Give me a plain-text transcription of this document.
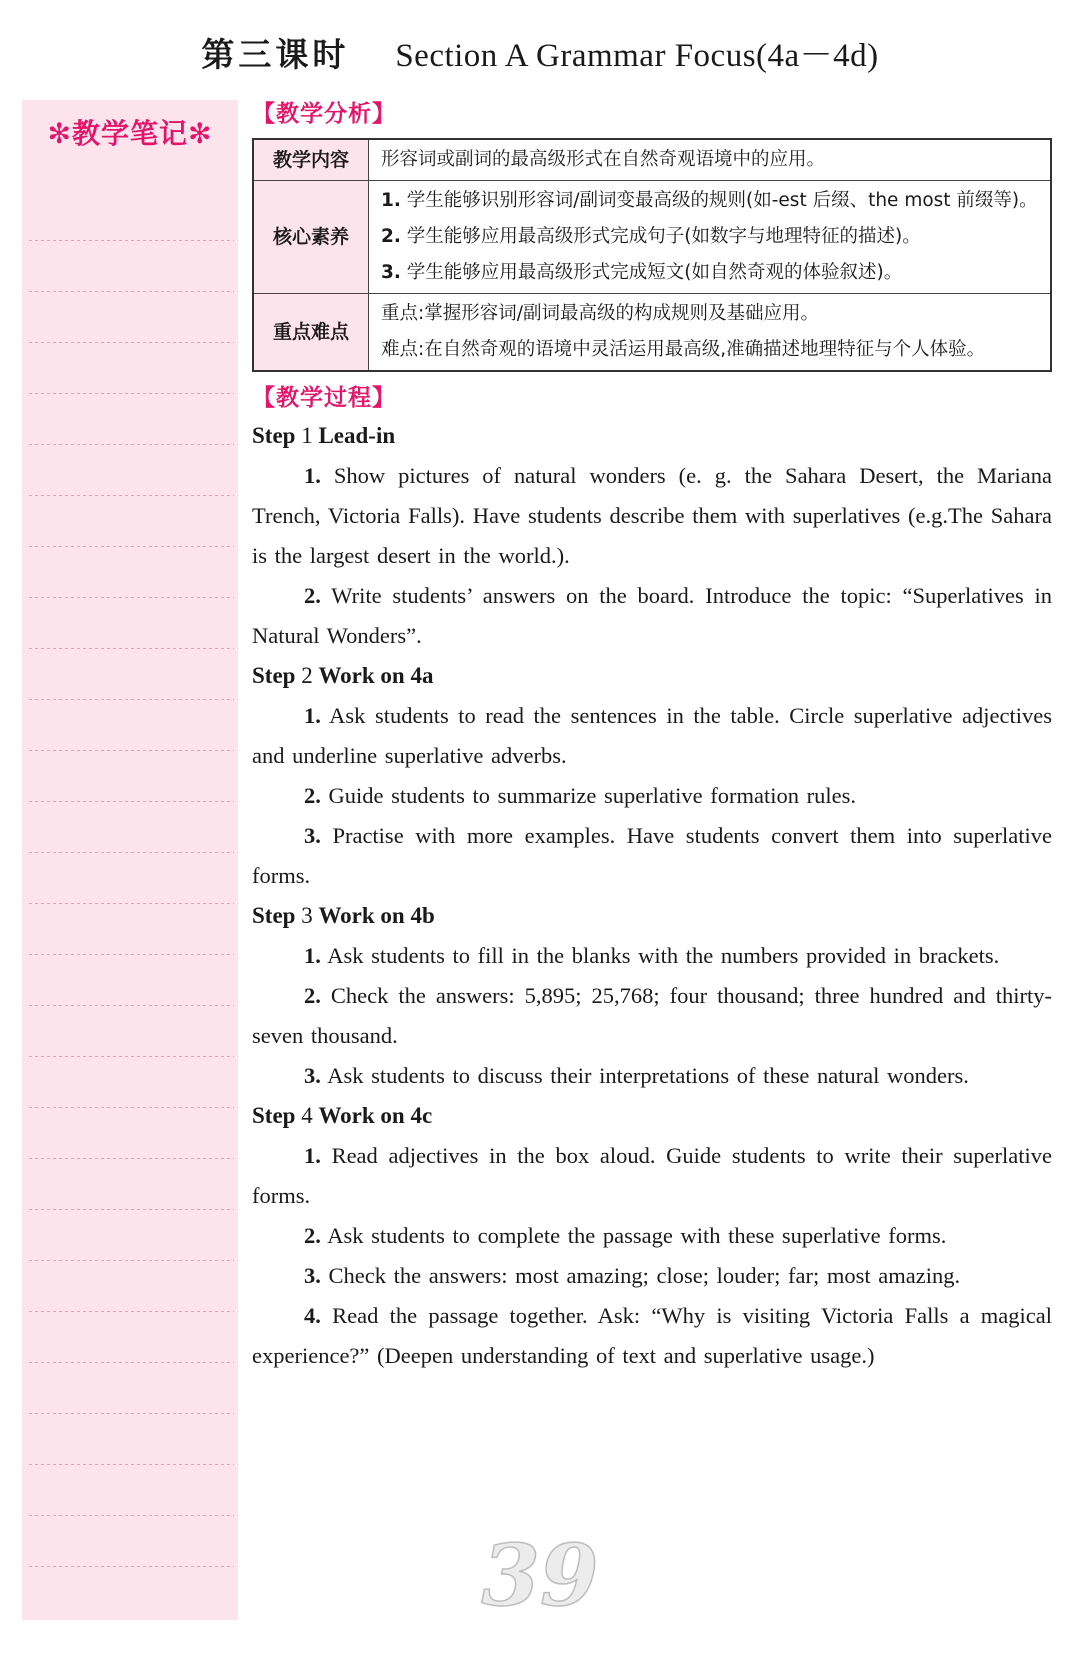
第三课时 Section A Grammar Focus(4a－4d)
✻教学笔记✻
【教学分析】
教学内容	形容词或副词的最高级形式在自然奇观语境中的应用。
核心素养	1. 学生能够识别形容词/副词变最高级的规则(如-est 后缀、the most 前缀等)。
2. 学生能够应用最高级形式完成句子(如数字与地理特征的描述)。
3. 学生能够应用最高级形式完成短文(如自然奇观的体验叙述)。

重点难点	重点:掌握形容词/副词最高级的构成规则及基础应用。
难点:在自然奇观的语境中灵活运用最高级,准确描述地理特征与个人体验。
【教学过程】
Step 1 Lead-in

1. Show pictures of natural wonders (e. g. the Sahara Desert, the Mariana Trench, Victoria Falls). Have students describe them with superlatives (e.g.The Sahara is the largest desert in the world.).

2. Write students’ answers on the board. Introduce the topic: “Superlatives in Natural Wonders”.

Step 2 Work on 4a

1. Ask students to read the sentences in the table. Circle superlative adjectives and underline superlative adverbs.

2. Guide students to summarize superlative formation rules.

3. Practise with more examples. Have students convert them into superlative forms.

Step 3 Work on 4b

1. Ask students to fill in the blanks with the numbers provided in brackets.

2. Check the answers: 5,895; 25,768; four thousand; three hundred and thirty-seven thousand.

3. Ask students to discuss their interpretations of these natural wonders.

Step 4 Work on 4c

1. Read adjectives in the box aloud. Guide students to write their superlative forms.

2. Ask students to complete the passage with these superlative forms.

3. Check the answers: most amazing; close; louder; far; most amazing.

4. Read the passage together. Ask: “Why is visiting Victoria Falls a magical experience?” (Deepen understanding of text and superlative usage.)

39
